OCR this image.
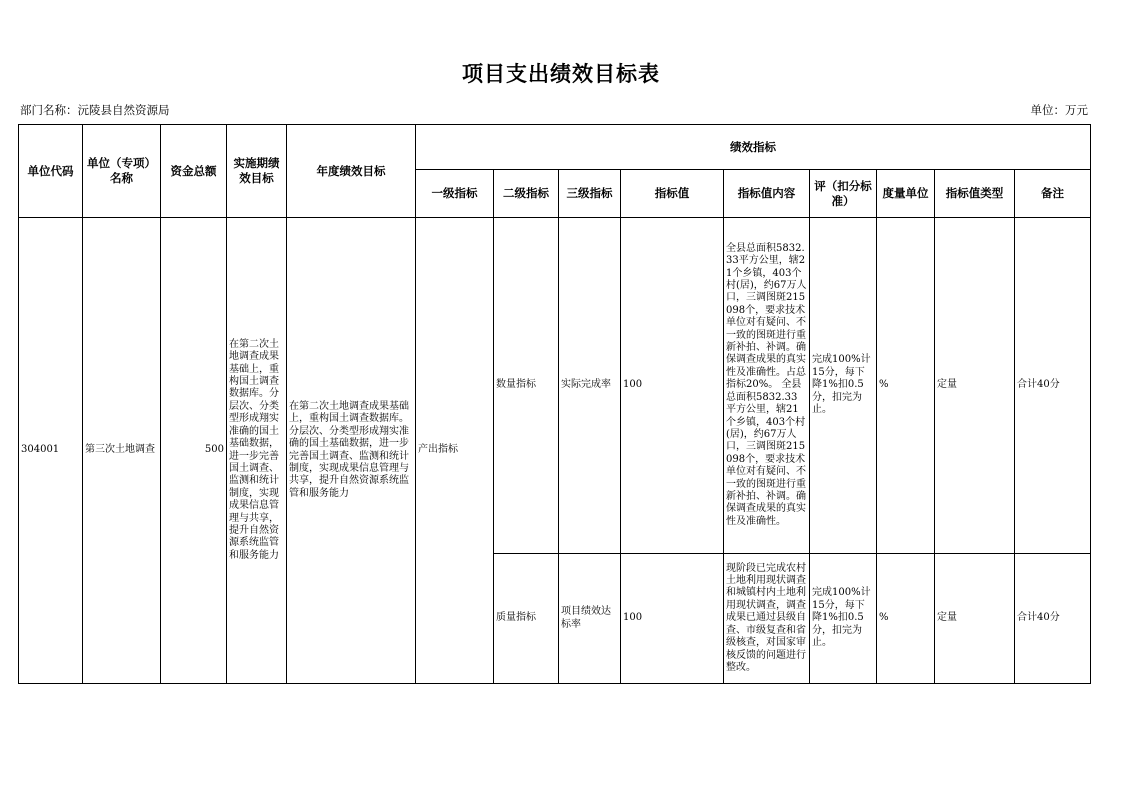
项目支出绩效目标表
部门名称：沅陵县自然资源局	单位：万元
单位代码	单位（专项）名称	资金总额	实施期绩效目标	年度绩效目标	绩效指标								
					一级指标	二级指标	三级指标	指标值	指标值内容	评（扣分标准）	度量单位	指标值类型	备注
304001	第三次土地调查	500	在第二次土地调查成果基础上，重构国土调查数据库。分层次、分类型形成翔实准确的国土基础数据，进一步完善国土调查、监测和统计制度，实现成果信息管理与共享，提升自然资源系统监管和服务能力	在第二次土地调查成果基础上，重构国土调查数据库。分层次、分类型形成翔实准确的国土基础数据，进一步完善国土调查、监测和统计制度，实现成果信息管理与共享，提升自然资源系统监管和服务能力	产出指标	数量指标	实际完成率	100	全县总面积5832.33平方公里，辖21个乡镇，403个村(居)，约67万人口，三调图斑215098个，要求技术单位对有疑问、不一致的图斑进行重新补拍、补调。确保调查成果的真实性及准确性。占总指标20%。 全县总面积5832.33平方公里，辖21个乡镇，403个村(居)，约67万人口，三调图斑215098个，要求技术单位对有疑问、不一致的图斑进行重新补拍、补调。确保调查成果的真实性及准确性。	完成100%计15分，每下降1%扣0.5分，扣完为止。	%	定量	合计40分
						质量指标	项目绩效达标率	100	现阶段已完成农村土地利用现状调查和城镇村内土地利用现状调查，调查成果已通过县级自查、市级复查和省级核查，对国家审核反馈的问题进行整改。	完成100%计15分，每下降1%扣0.5分，扣完为止。	%	定量	合计40分
